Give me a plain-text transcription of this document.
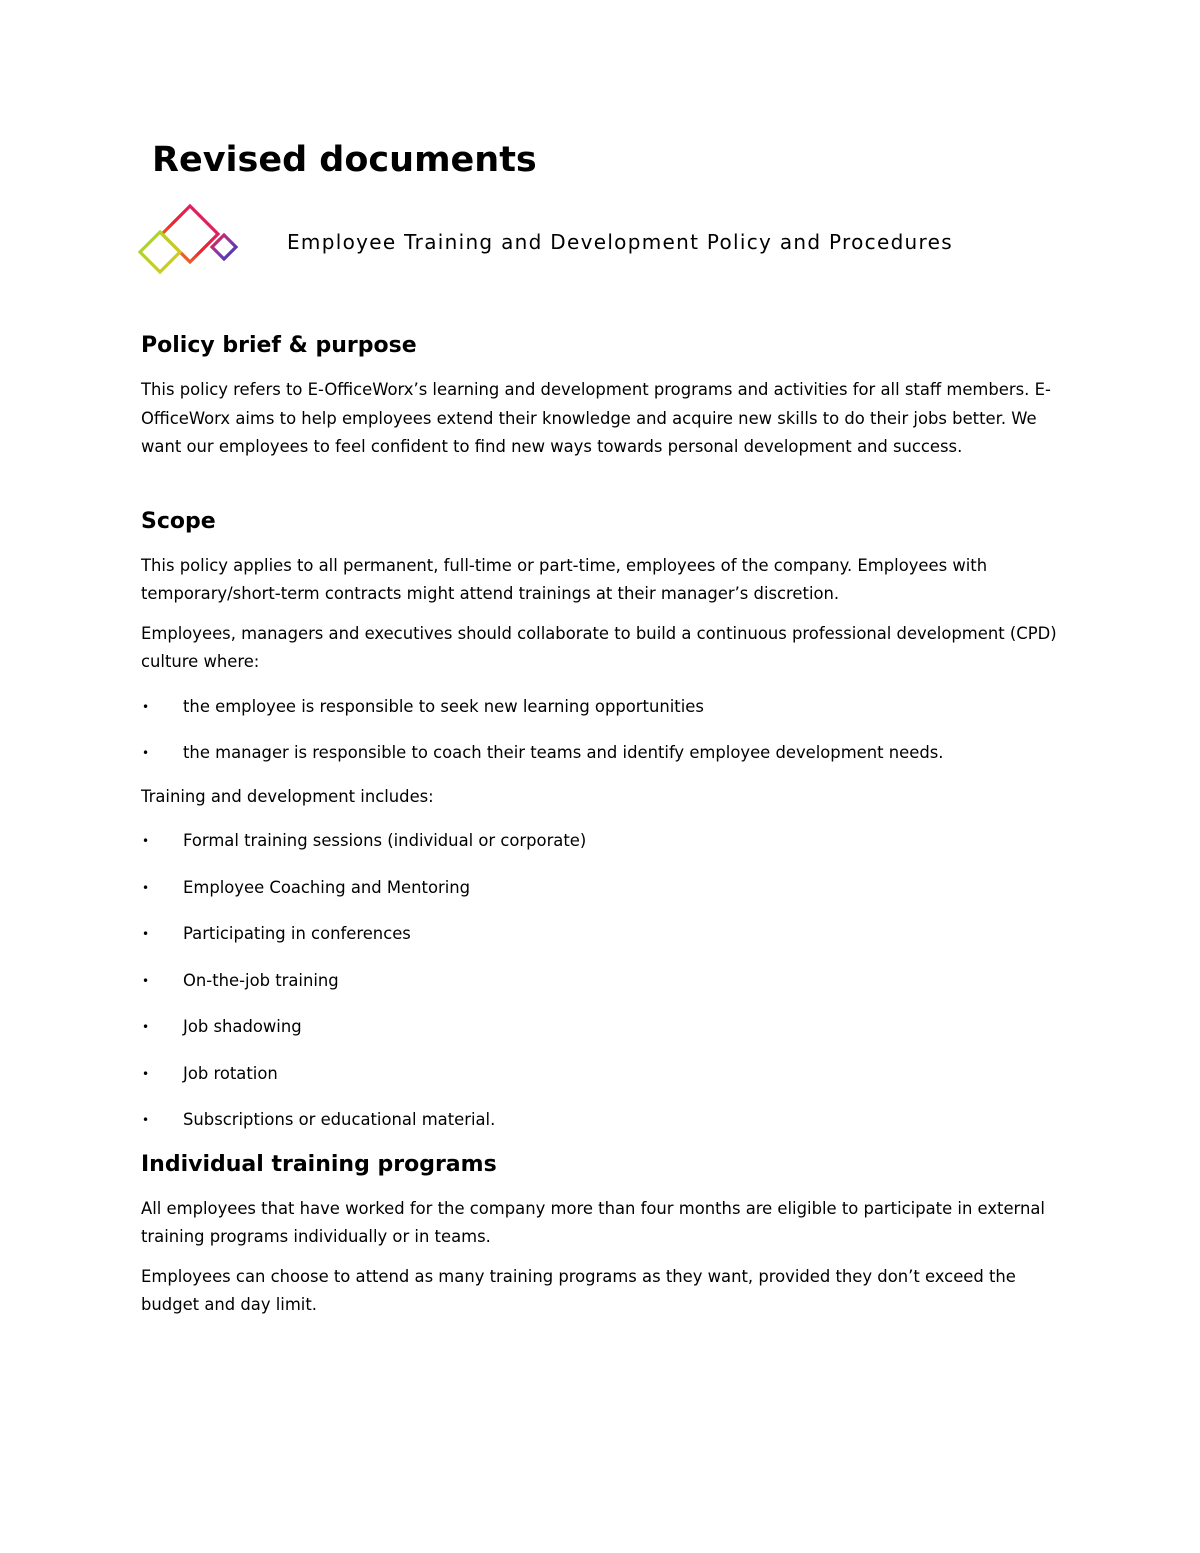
Revised documents

Employee Training and Development Policy and Procedures

Policy brief & purpose

This policy refers to E-OfficeWorx’s learning and development programs and activities for all staff members. E-OfficeWorx aims to help employees extend their knowledge and acquire new skills to do their jobs better. We want our employees to feel confident to find new ways towards personal development and success.

Scope

This policy applies to all permanent, full-time or part-time, employees of the company. Employees with temporary/short-term contracts might attend trainings at their manager’s discretion.

Employees, managers and executives should collaborate to build a continuous professional development (CPD) culture where:

• the employee is responsible to seek new learning opportunities
• the manager is responsible to coach their teams and identify employee development needs.

Training and development includes:

• Formal training sessions (individual or corporate)
• Employee Coaching and Mentoring
• Participating in conferences
• On-the-job training
• Job shadowing
• Job rotation
• Subscriptions or educational material.
Individual training programs

All employees that have worked for the company more than four months are eligible to participate in external training programs individually or in teams.

Employees can choose to attend as many training programs as they want, provided they don’t exceed the budget and day limit.
